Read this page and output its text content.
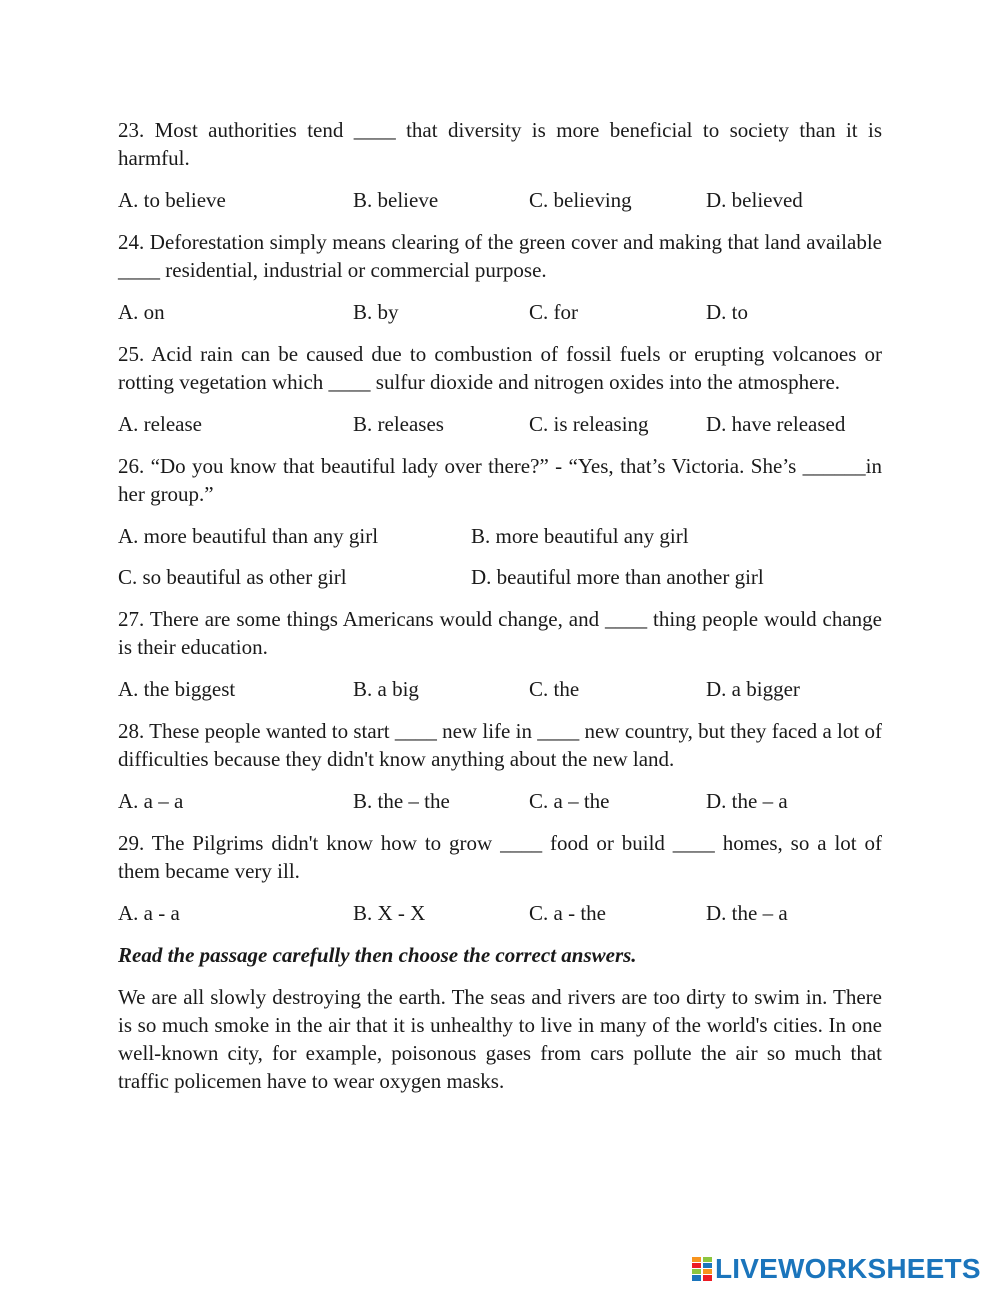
23. Most authorities tend ____ that diversity is more beneficial to society than it is harmful.

A. to believe	B. believe	C. believing	D. believed

24. Deforestation simply means clearing of the green cover and making that land available ____ residential, industrial or commercial purpose.

A. on	B. by	C. for	D. to

25. Acid rain can be caused due to combustion of fossil fuels or erupting volcanoes or rotting vegetation which ____ sulfur dioxide and nitrogen oxides into the atmosphere.

A. release	B. releases	C. is releasing	D. have released

26. “Do you know that beautiful lady over there?” - “Yes, that’s Victoria. She’s ______in her group.”

A. more beautiful than any girl	B. more beautiful any girl
C. so beautiful as other girl	D. beautiful more than another girl

27. There are some things Americans would change, and ____ thing people would change is their education.

A. the biggest	B. a big	C. the	D. a bigger

28. These people wanted to start ____ new life in ____ new country, but they faced a lot of difficulties because they didn't know anything about the new land.

A. a – a	B. the – the	C. a – the	D. the – a

29. The Pilgrims didn't know how to grow ____ food or build ____ homes, so a lot of them became very ill.

A. a - a	B. X - X	C. a - the	D. the – a

Read the passage carefully then choose the correct answers.

We are all slowly destroying the earth. The seas and rivers are too dirty to swim in. There is so much smoke in the air that it is unhealthy to live in many of the world's cities. In one well-known city, for example, poisonous gases from cars pollute the air so much that traffic policemen have to wear oxygen masks.

LIVEWORKSHEETS
